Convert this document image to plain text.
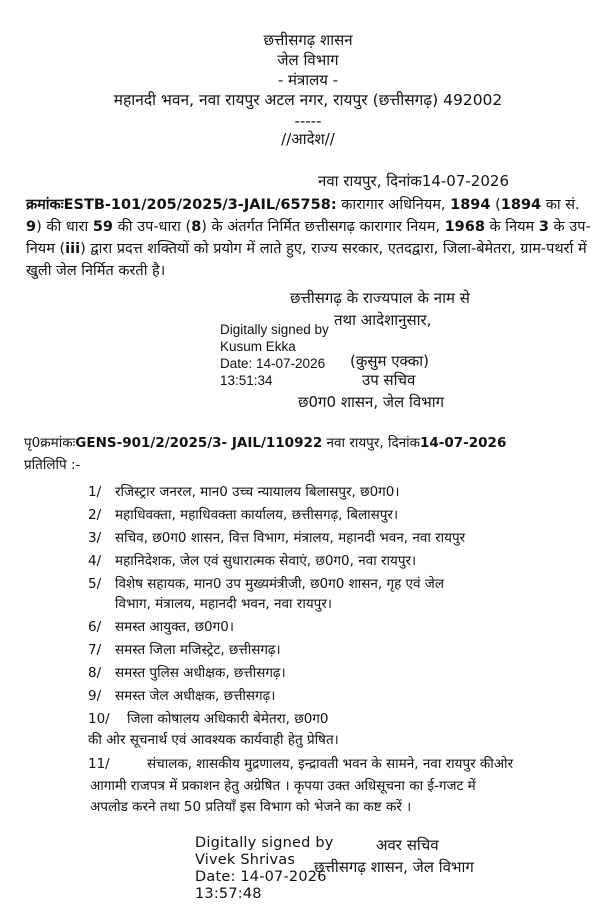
छत्तीसगढ़ शासन
जेल विभाग
- मंत्रालय -
महानदी भवन, नवा रायपुर अटल नगर, रायपुर (छत्तीसगढ़) 492002
-----
//आदेश//
नवा रायपुर, दिनांक14-07-2026
क्रमांकःESTB-101/205/2025/3-JAIL/65758: कारागार अधिनियम, 1894 (1894 का सं. 9) की धारा 59 की उप-धारा (8) के अंतर्गत निर्मित छत्तीसगढ़ कारागार नियम, 1968 के नियम 3 के उप-नियम (iii) द्वारा प्रदत्त शक्तियों को प्रयोग में लाते हुए, राज्य सरकार, एतदद्वारा, जिला-बेमेतरा, ग्राम-पथर्रा में खुली जेल निर्मित करती है।
छत्तीसगढ़ के राज्यपाल के नाम से
तथा आदेशानुसार,
Digitally signed by
Kusum Ekka
Date: 14-07-2026
13:51:34
(कुसुम एक्का)
उप सचिव
छ0ग0 शासन, जेल विभाग
पृ0क्रमांकःGENS-901/2/2025/3- JAIL/110922 नवा रायपुर, दिनांक14-07-2026
प्रतिलिपि :-
1/ रजिस्ट्रार जनरल, मान0 उच्च न्यायालय बिलासपुर, छ0ग0।
2/ महाधिवक्ता, महाधिवक्ता कार्यालय, छत्तीसगढ़, बिलासपुर।
3/ सचिव, छ0ग0 शासन, वित्त विभाग, मंत्रालय, महानदी भवन, नवा रायपुर
4/ महानिदेशक, जेल एवं सुधारात्मक सेवाएं, छ0ग0, नवा रायपुर।
5/ विशेष सहायक, मान0 उप मुख्यमंत्रीजी, छ0ग0 शासन, गृह एवं जेल
विभाग, मंत्रालय, महानदी भवन, नवा रायपुर।
6/ समस्त आयुक्त, छ0ग0।
7/ समस्त जिला मजिस्ट्रेट, छत्तीसगढ़।
8/ समस्त पुलिस अधीक्षक, छत्तीसगढ़।
9/ समस्त जेल अधीक्षक, छत्तीसगढ़।
10/ जिला कोषालय अधिकारी बेमेतरा, छ0ग0
की ओर सूचनार्थ एवं आवश्यक कार्यवाही हेतु प्रेषित।
11/	संचालक, शासकीय मुद्रणालय, इन्द्रावती भवन के सामने, नवा रायपुर कीओर
आगामी राजपत्र में प्रकाशन हेतु अग्रेषित । कृपया उक्त अधिसूचना का ई-गजट में
अपलोड करने तथा 50 प्रतियॉं इस विभाग को भेजने का कष्ट करें ।
Digitally signed by
Vivek Shrivas
Date: 14-07-2026
13:57:48
अवर सचिव
छत्तीसगढ़ शासन, जेल विभाग
